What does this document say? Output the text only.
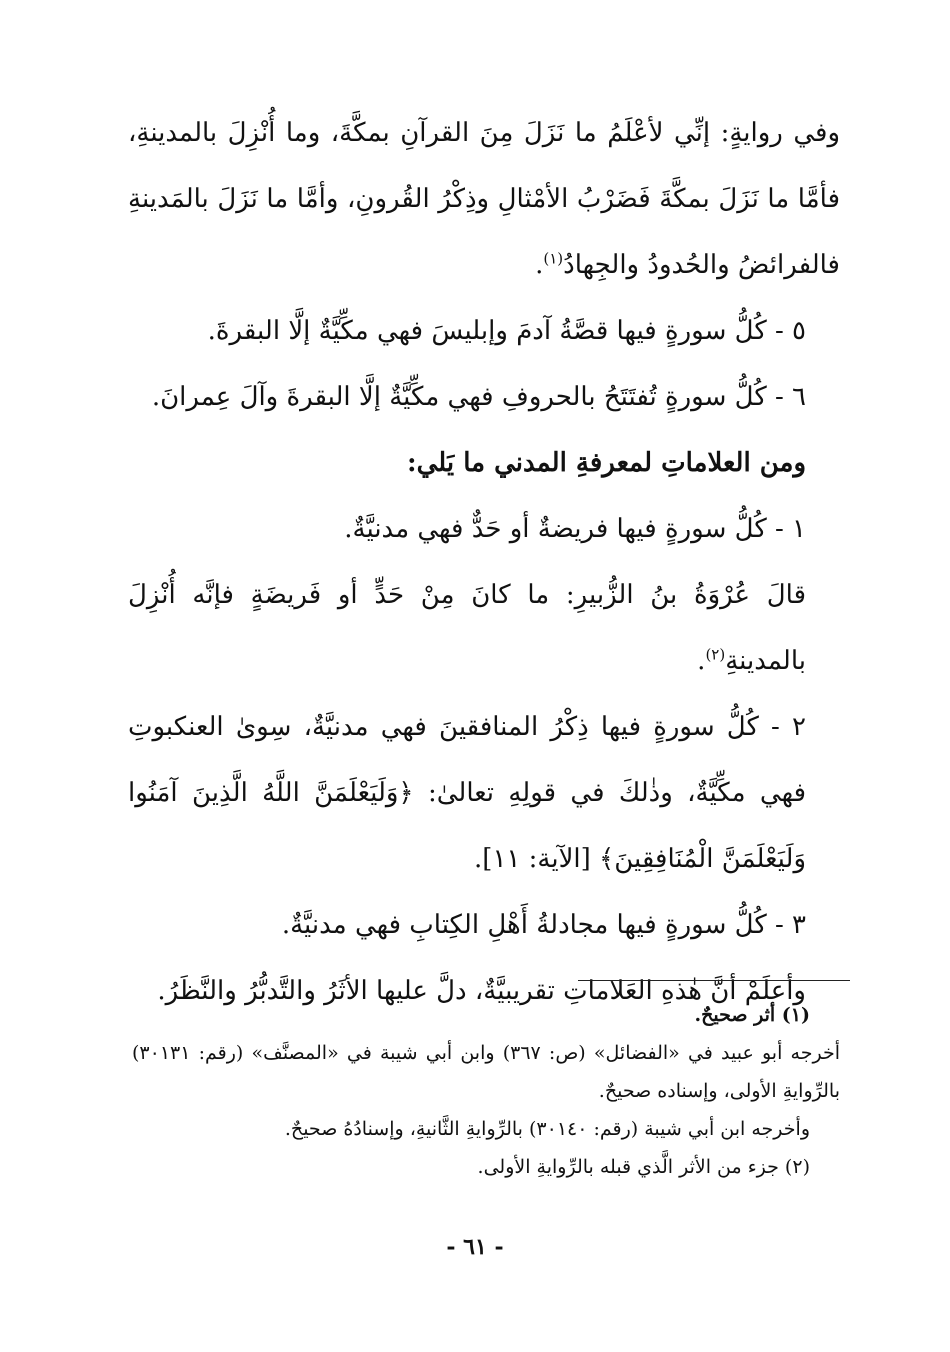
وفي روايةٍ: إنِّي لأعْلَمُ ما نَزَلَ مِنَ القرآنِ بمكَّةَ، وما أُنْزِلَ بالمدينةِ، فأمَّا ما نَزَلَ بمكَّةَ فَضَرْبُ الأمْثالِ وذِكْرُ القُرونِ، وأمَّا ما نَزَلَ بالمَدينةِ فالفرائضُ والحُدودُ والجِهادُ$^{(١)}$.

٥ - كُلُّ سورةٍ فيها قصَّةُ آدمَ وإبليسَ فهي مكِّيَّةٌ إلَّا البقرةَ.

٦ - كُلُّ سورةٍ تُفتَتَحُ بالحروفِ فهي مكِّيَّةٌ إلَّا البقرةَ وآلَ عِمرانَ.

ومن العلاماتِ لمعرفةِ المدني ما يَلي:

١ - كُلُّ سورةٍ فيها فريضةٌ أو حَدٌّ فهي مدنيَّةٌ.

قالَ عُرْوَةُ بنُ الزُّبيرِ: ما كانَ مِنْ حَدٍّ أو فَريضَةٍ فإنَّه أُنْزِلَ بالمدينةِ$^{(٢)}$.

٢ - كُلُّ سورةٍ فيها ذِكْرُ المنافقينَ فهي مدنيَّةٌ، سِوىٰ العنكبوتِ فهي مكِّيَّةٌ، وذٰلكَ في قولِهِ تعالىٰ: ﴿وَلَيَعْلَمَنَّ اللَّهُ الَّذِينَ آمَنُوا وَلَيَعْلَمَنَّ الْمُنَافِقِينَ﴾ [الآية: ١١].

٣ - كُلُّ سورةٍ فيها مجادلةُ أَهْلِ الكِتابِ فهي مدنيَّةٌ.

وأعلَمْ أنَّ هٰذهِ العَلاماتِ تقريبيَّةٌ، دلَّ عليها الأثَرُ والتَّدبُّرُ والنَّظَرُ.

(١) أثر صحيحٌ.

أخرجه أبو عبيد في «الفضائل» (ص: ٣٦٧) وابن أبي شيبة في «المصنَّف» (رقم: ٣٠١٣١) بالرِّوايةِ الأولى، وإسناده صحيحٌ.

وأخرجه ابن أبي شيبة (رقم: ٣٠١٤٠) بالرِّوايةِ الثَّانيةِ، وإسنادُهُ صحيحٌ.

(٢) جزء من الأثر الَّذي قبله بالرِّوايةِ الأولى.

- ٦١ -
